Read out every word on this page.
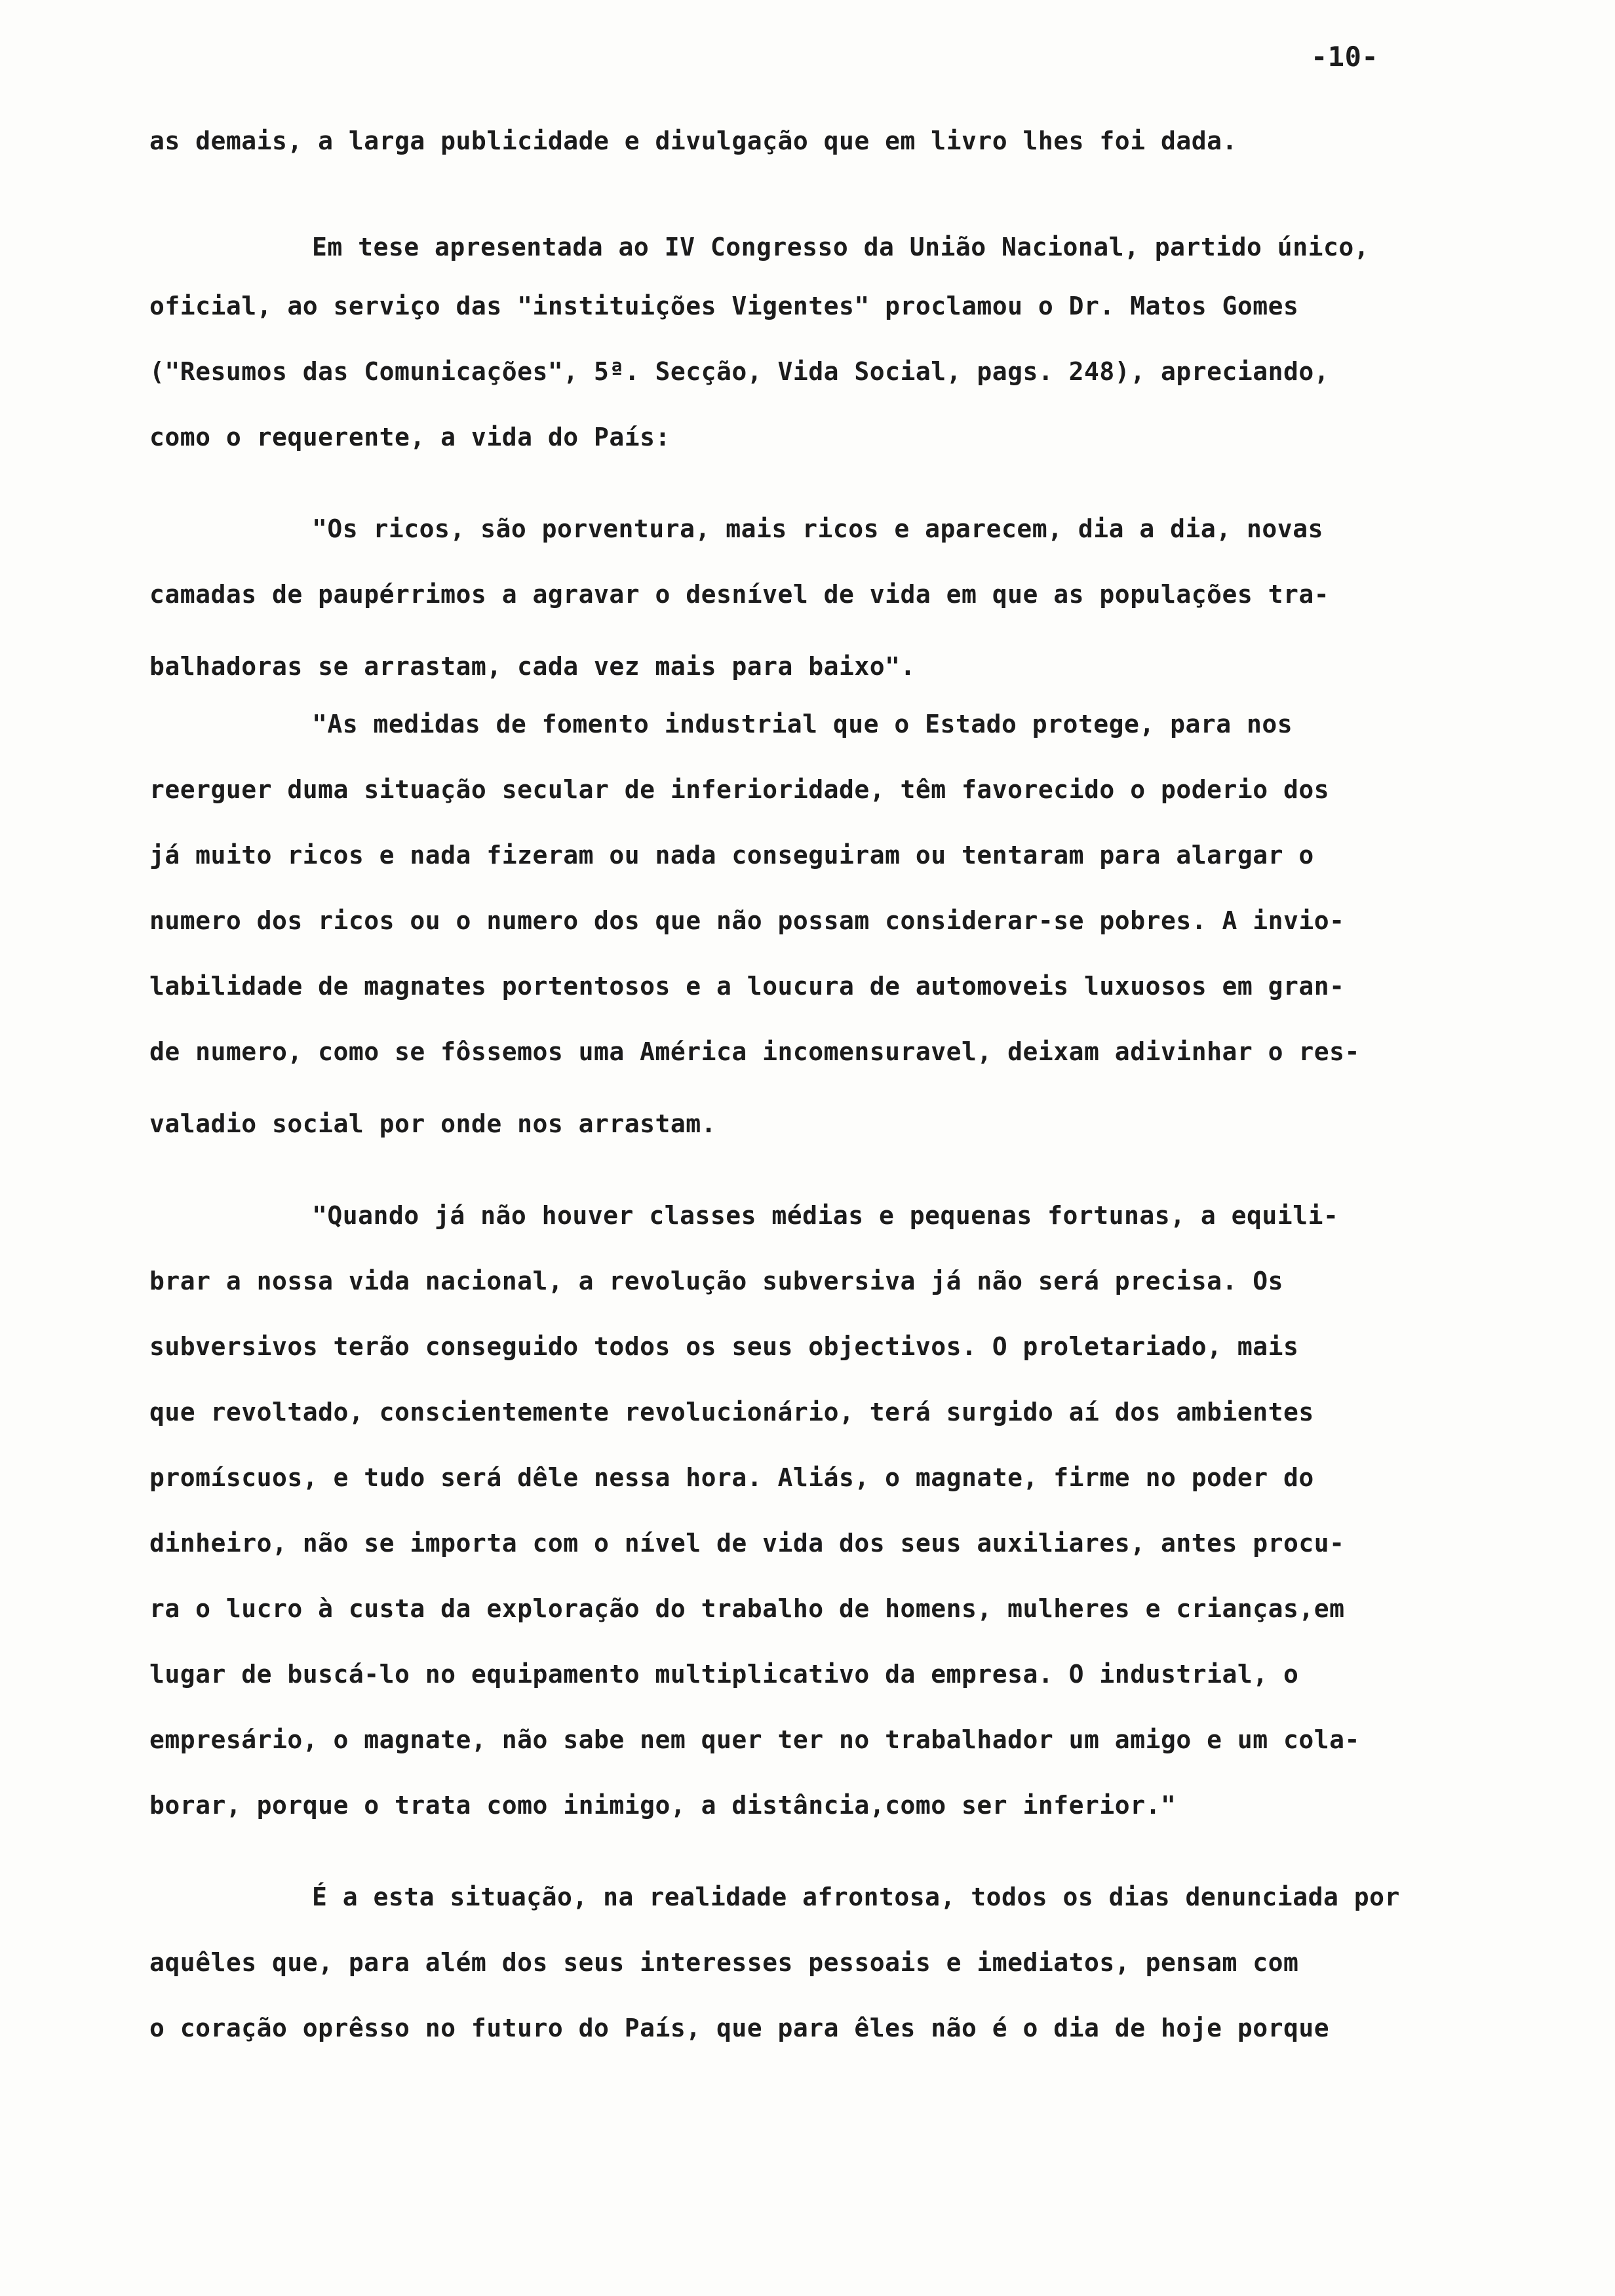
-10-
as demais, a larga publicidade e divulgação que em livro lhes foi dada.
Em tese apresentada ao IV Congresso da União Nacional, partido único,
oficial, ao serviço das "instituições Vigentes" proclamou o Dr. Matos Gomes
("Resumos das Comunicações", 5ª. Secção, Vida Social, pags. 248), apreciando,
como o requerente, a vida do País:
"Os ricos, são porventura, mais ricos e aparecem, dia a dia, novas
camadas de paupérrimos a agravar o desnível de vida em que as populações tra-
balhadoras se arrastam, cada vez mais para baixo".
"As medidas de fomento industrial que o Estado protege, para nos
reerguer duma situação secular de inferioridade, têm favorecido o poderio dos
já muito ricos e nada fizeram ou nada conseguiram ou tentaram para alargar o
numero dos ricos ou o numero dos que não possam considerar-se pobres. A invio-
labilidade de magnates portentosos e a loucura de automoveis luxuosos em gran-
de numero, como se fôssemos uma América incomensuravel, deixam adivinhar o res-
valadio social por onde nos arrastam.
"Quando já não houver classes médias e pequenas fortunas, a equili-
brar a nossa vida nacional, a revolução subversiva já não será precisa. Os
subversivos terão conseguido todos os seus objectivos. O proletariado, mais
que revoltado, conscientemente revolucionário, terá surgido aí dos ambientes
promíscuos, e tudo será dêle nessa hora. Aliás, o magnate, firme no poder do
dinheiro, não se importa com o nível de vida dos seus auxiliares, antes procu-
ra o lucro à custa da exploração do trabalho de homens, mulheres e crianças,em
lugar de buscá-lo no equipamento multiplicativo da empresa. O industrial, o
empresário, o magnate, não sabe nem quer ter no trabalhador um amigo e um cola-
borar, porque o trata como inimigo, a distância,como ser inferior."
É a esta situação, na realidade afrontosa, todos os dias denunciada por
aquêles que, para além dos seus interesses pessoais e imediatos, pensam com
o coração oprêsso no futuro do País, que para êles não é o dia de hoje porque
